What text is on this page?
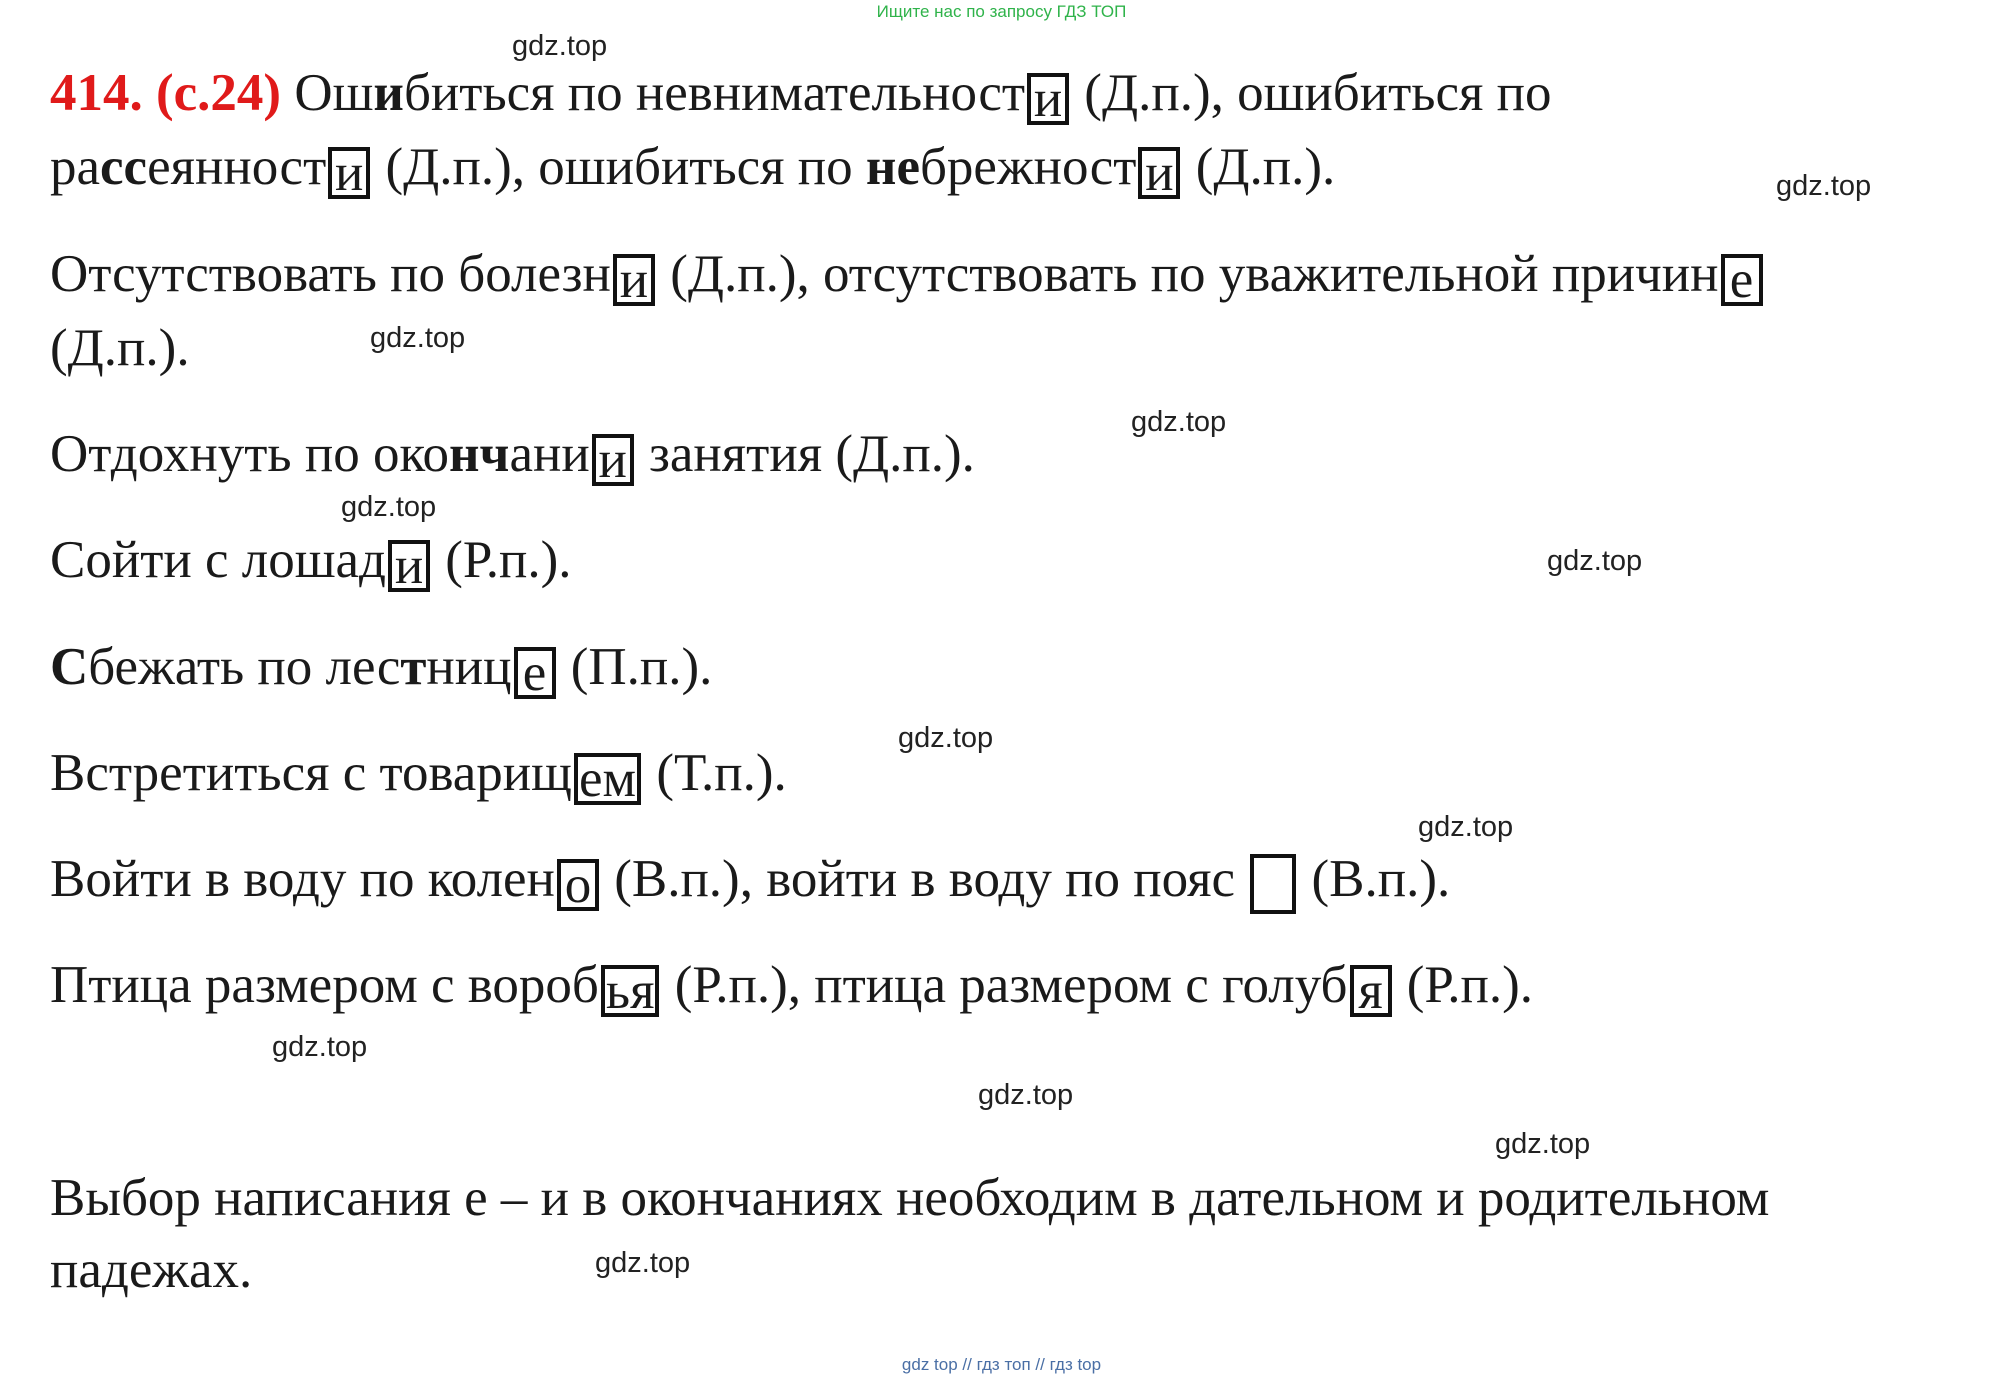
Ищите нас по запросу ГДЗ ТОП
gdz.top
gdz.top
gdz.top
gdz.top
gdz.top
gdz.top
gdz.top
gdz.top
gdz.top
gdz.top
gdz.top
gdz.top
414. (с.24) Ошибиться по невнимательност и (Д.п.), ошибиться по
рассеянност и (Д.п.), ошибиться по небрежност и (Д.п.).
Отсутствовать по болезн и (Д.п.), отсутствовать по уважительной причин е
(Д.п.).
Отдохнуть по окончани и занятия (Д.п.).
Сойти с лошад и (Р.п.).
Сбежать по лестниц е (П.п.).
Встретиться с товарищ ем (Т.п.).
Войти в воду по колен о (В.п.), войти в воду по пояс  (В.п.).
Птица размером с вороб ья (Р.п.), птица размером с голуб я (Р.п.).
Выбор написания е – и в окончаниях необходим в дательном и родительном
падежах.
gdz top // гдз топ // гдз top
